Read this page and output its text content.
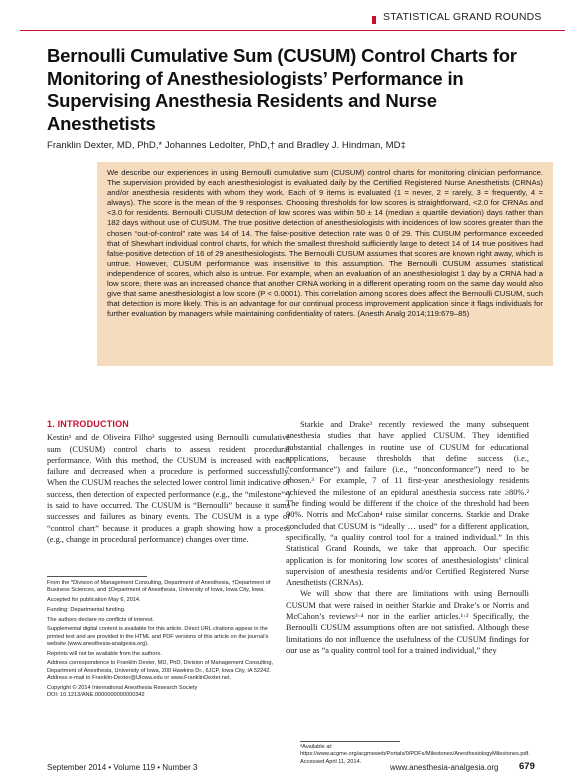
STATISTICAL GRAND ROUNDS
Bernoulli Cumulative Sum (CUSUM) Control Charts for Monitoring of Anesthesiologists’ Performance in Supervising Anesthesia Residents and Nurse Anesthetists

Franklin Dexter, MD, PhD,* Johannes Ledolter, PhD,† and Bradley J. Hindman, MD‡

We describe our experiences in using Bernoulli cumulative sum (CUSUM) control charts for monitoring clinician performance. The supervision provided by each anesthesiologist is evaluated daily by the Certified Registered Nurse Anesthetists (CRNAs) and/or anesthesia residents with whom they work. Each of 9 items is evaluated (1 = never, 2 = rarely, 3 = frequently, 4 = always). The score is the mean of the 9 responses. Choosing thresholds for low scores is straightforward, <2.0 for CRNAs and <3.0 for residents. Bernoulli CUSUM detection of low scores was within 50 ± 14 (median ± quartile deviation) days rather than 182 days without use of CUSUM. The true positive detection of anesthesiologists with incidences of low scores greater than the chosen “out-of-control” rate was 14 of 14. The false-positive detection rate was 0 of 29. This CUSUM performance exceeded that of Shewhart individual control charts, for which the smallest threshold sufficiently large to detect 14 of 14 true positives had false-positive detection of 16 of 29 anesthesiologists. The Bernoulli CUSUM assumes that scores are known right away, which is untrue. However, CUSUM performance was insensitive to this assumption. The Bernoulli CUSUM assumes statistical independence of scores, which also is untrue. For example, when an evaluation of an anesthesiologist 1 day by a CRNA had a low score, there was an increased chance that another CRNA working in a different operating room on the same day would also give that same anesthesiologist a low score (P < 0.0001). This correlation among scores does affect the Bernoulli CUSUM, such that detection is more likely. This is an advantage for our continual process improvement application since it flags individuals for further evaluation by managers while maintaining confidentiality of raters. (Anesth Analg 2014;119:679–85)

1. INTRODUCTION

Kestin¹ and de Oliveira Filho² suggested using Bernoulli cumulative sum (CUSUM) control charts to assess resident procedural performance. With this method, the CUSUM is increased with each failure and decreased when a procedure is performed successfully. When the CUSUM reaches the selected lower control limit indicative of success, then detection of expected performance (e.g., the “milestone”ᵃ) is said to have occurred. The CUSUM is “Bernoulli” because it sums successes and failures as binary events. The CUSUM is a type of “control chart” because it produces a graph showing how a process (e.g., change in procedural performance) changes over time.

Starkie and Drake³ recently reviewed the many subsequent anesthesia studies that have applied CUSUM. They identified substantial challenges in routine use of CUSUM for educational applications, because thresholds that define success (i.e., “conformance”) and failure (i.e., “nonconformance”) need to be chosen.³ For example, 7 of 11 first-year anesthesiology residents achieved the milestone of an epidural anesthesia success rate ≥80%.² The finding would be different if the choice of the threshold had been 90%. Norris and McCahon⁴ raise similar concerns. Starkie and Drake concluded that CUSUM is “ideally … used” for a different application, specifically, “a quality control tool for a trained individual.” In this Statistical Grand Rounds, we take that approach. Our specific application is for monitoring low scores of anesthesiologists’ clinical supervision of anesthesia residents and/or Certified Registered Nurse Anesthetists (CRNAs).

We will show that there are limitations with using Bernoulli CUSUM that were raised in neither Starkie and Drake’s or Norris and McCahon’s reviews³·⁴ nor in the earlier articles.¹·² Specifically, the Bernoulli CUSUM assumptions often are not satisfied. Although these limitations do not influence the usefulness of the CUSUM findings for our use as “a quality control tool for a trained individual,” they

From the *Division of Management Consulting, Department of Anesthesia, †Department of Business Sciences, and ‡Department of Anesthesia, University of Iowa, Iowa City, Iowa.

Accepted for publication May 6, 2014.

Funding: Departmental funding.

The authors declare no conflicts of interest.

Supplemental digital content is available for this article. Direct URL citations appear in the printed text and are provided in the HTML and PDF versions of this article on the journal’s website (www.anesthesia-analgesia.org).

Reprints will not be available from the authors.

Address correspondence to Franklin Dexter, MD, PhD, Division of Management Consulting, Department of Anesthesia, University of Iowa, 200 Hawkins Dr., 6JCP, Iowa City, IA 52242. Address e-mail to Franklin-Dexter@UIowa.edu or www.FranklinDexter.net.

Copyright © 2014 International Anesthesia Research Society

DOI: 10.1213/ANE.0000000000000342

ᵃAvailable at: https://www.acgme.org/acgmeweb/Portals/0/PDFs/Milestones/AnesthesiologyMilestones.pdf. Accessed April 11, 2014.

September 2014 • Volume 119 • Number 3	www.anesthesia-analgesia.org 679
